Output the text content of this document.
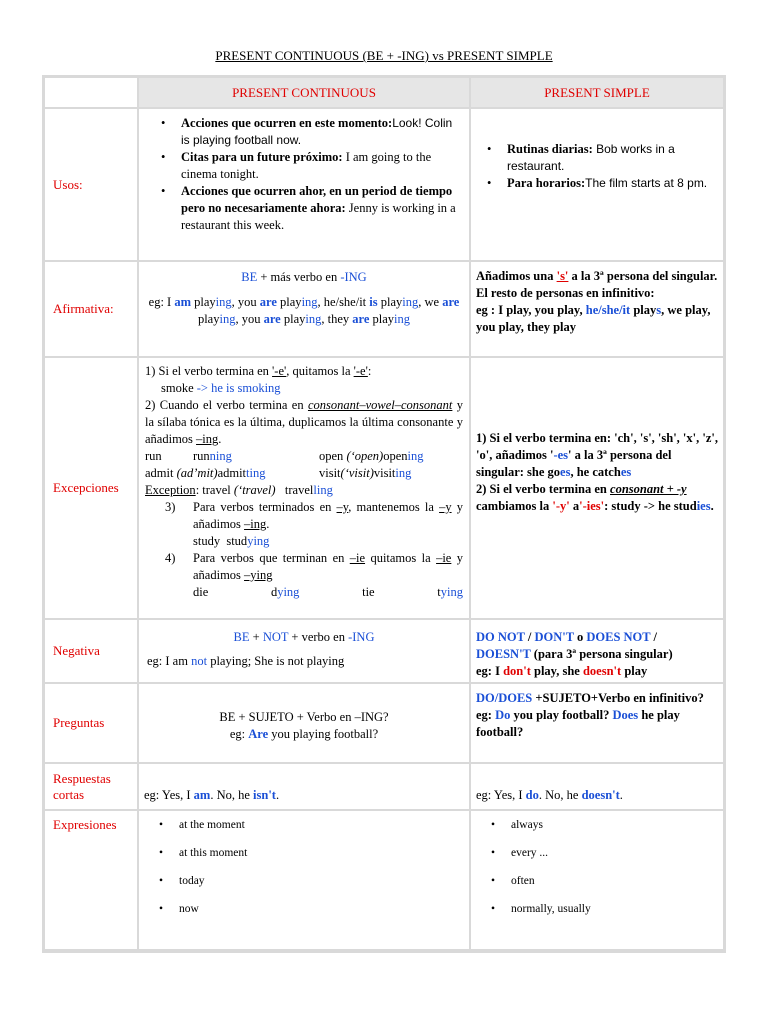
PRESENT CONTINUOUS (BE + -ING) vs PRESENT SIMPLE
PRESENT CONTINUOUS	PRESENT SIMPLE
Usos:
• Acciones que ocurren en este momento:Look! Colin is playing football now.
• Citas para un future próximo: I am going to the cinema tonight.
• Acciones que ocurren ahor, en un period de tiempo pero no necesariamente ahora: Jenny is working in a restaurant this week.
• Rutinas diarias: Bob works in a restaurant.
• Para horarios:The film starts at 8 pm.
Afirmativa:
BE + más verbo en -ING
eg: I am playing, you are playing, he/she/it is playing, we are playing, you are playing, they are playing
Añadimos una 's' a la 3ª persona del singular. El resto de personas en infinitivo:
eg : I play, you play, he/she/it plays, we play, you play, they play
Excepciones
1) Si el verbo termina en '-e', quitamos la '-e':
smoke -> he is smoking
2) Cuando el verbo termina en consonant–vowel–consonant y la sílaba tónica es la última, duplicamos la última consonante y añadimos –ing.
run	running	open
(‘open) open ing
admit (ad’mit)admitting	visit (‘visit) visit ing
Exception: travel (‘travel) travelling
3)	Para verbos terminados en –y, mantenemos la –y y añadimos –ing.
study studying
4)	Para verbos que terminan en –ie quitamos la –ie y añadimos –ying

die	dying	tie	tying
1) Si el verbo termina en: 'ch', 's', 'sh', 'x', 'z', 'o', añadimos '-es' a la 3ª persona del singular: she goes, he catches
2) Si el verbo termina en consonant + -y cambiamos la '-y' a'-ies': study -> he studies.
Negativa
BE + NOT + verbo en -ING
eg: I am not playing; She is not playing
DO NOT / DON'T o DOES NOT /
DOESN'T (para 3ª persona singular)
eg: I don't play, she doesn't play
Preguntas	BE + SUJETO + Verbo en –ING?
eg: Are you playing football?
DO/DOES +SUJETO+Verbo en infinitivo?
eg: Do you play football? Does he play football?
Respuestas cortas	eg: Yes, I am. No, he isn't.	eg: Yes, I do. No, he doesn't.
Expresiones
•	at the moment
• at this moment
• today
• now
• always
• every ...
• often
• normally, usually
